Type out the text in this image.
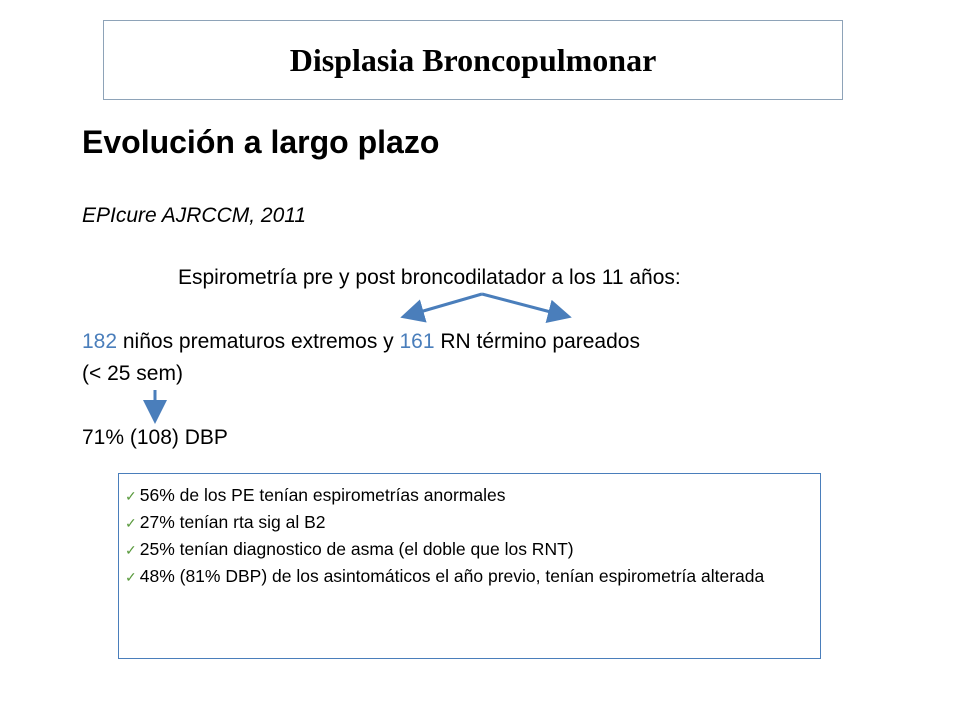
Displasia Broncopulmonar
Evolución a largo plazo
EPIcure AJRCCM, 2011
Espirometría pre y post broncodilatador a los 11 años:
182 niños prematuros extremos y 161 RN término pareados
(< 25 sem)
71% (108) DBP
✓ 56% de los PE tenían espirometrías anormales
✓ 27% tenían rta sig al B2
✓ 25% tenían diagnostico de asma (el doble que los RNT)
✓ 48% (81% DBP) de los asintomáticos el año previo, tenían espirometría alterada
